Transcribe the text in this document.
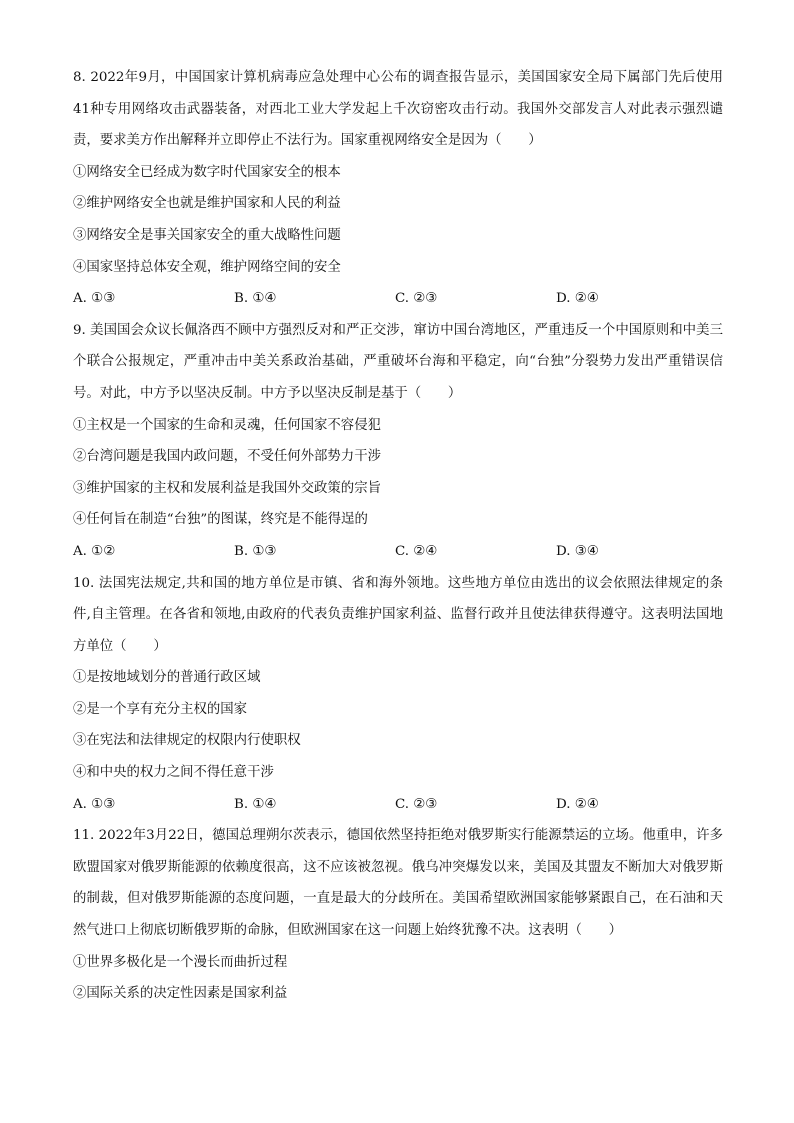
8. 2022年9月，中国国家计算机病毒应急处理中心公布的调查报告显示，美国国家安全局下属部门先后使用41种专用网络攻击武器装备，对西北工业大学发起上千次窃密攻击行动。我国外交部发言人对此表示强烈谴责，要求美方作出解释并立即停止不法行为。国家重视网络安全是因为（　　）
①网络安全已经成为数字时代国家安全的根本
②维护网络安全也就是维护国家和人民的利益
③网络安全是事关国家安全的重大战略性问题
④国家坚持总体安全观，维护网络空间的安全
A. ①③	B. ①④	C. ②③	D. ②④
9. 美国国会众议长佩洛西不顾中方强烈反对和严正交涉，窜访中国台湾地区，严重违反一个中国原则和中美三个联合公报规定，严重冲击中美关系政治基础，严重破坏台海和平稳定，向“台独”分裂势力发出严重错误信号。对此，中方予以坚决反制。中方予以坚决反制是基于（　　）
①主权是一个国家的生命和灵魂，任何国家不容侵犯
②台湾问题是我国内政问题，不受任何外部势力干涉
③维护国家的主权和发展利益是我国外交政策的宗旨
④任何旨在制造“台独”的图谋，终究是不能得逞的
A. ①②	B. ①③	C. ②④	D. ③④
10. 法国宪法规定,共和国的地方单位是市镇、省和海外领地。这些地方单位由选出的议会依照法律规定的条件,自主管理。在各省和领地,由政府的代表负责维护国家利益、监督行政并且使法律获得遵守。这表明法国地方单位（　　）
①是按地域划分的普通行政区域
②是一个享有充分主权的国家
③在宪法和法律规定的权限内行使职权
④和中央的权力之间不得任意干涉
A. ①③	B. ①④	C. ②③	D. ②④
11. 2022年3月22日，德国总理朔尔茨表示，德国依然坚持拒绝对俄罗斯实行能源禁运的立场。他重申，许多欧盟国家对俄罗斯能源的依赖度很高，这不应该被忽视。俄乌冲突爆发以来，美国及其盟友不断加大对俄罗斯的制裁，但对俄罗斯能源的态度问题，一直是最大的分歧所在。美国希望欧洲国家能够紧跟自己，在石油和天然气进口上彻底切断俄罗斯的命脉，但欧洲国家在这一问题上始终犹豫不决。这表明（　　）
①世界多极化是一个漫长而曲折过程
②国际关系的决定性因素是国家利益
